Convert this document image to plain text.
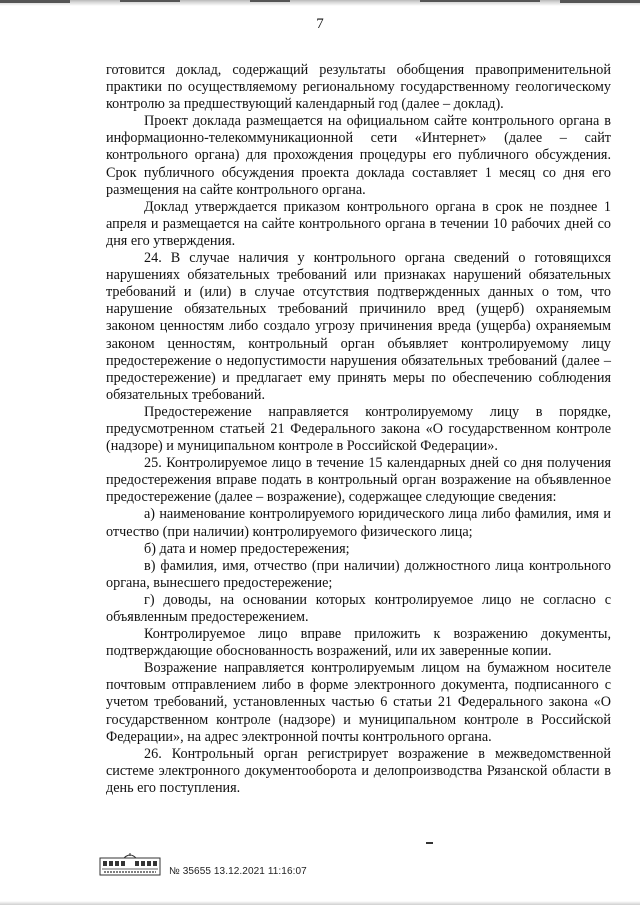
7

готовится доклад, содержащий результаты обобщения правоприменительной практики по осуществляемому региональному государственному геологическому контролю за предшествующий календарный год (далее – доклад).

Проект доклада размещается на официальном сайте контрольного органа в информационно-телекоммуникационной сети «Интернет» (далее – сайт контрольного органа) для прохождения процедуры его публичного обсуждения. Срок публичного обсуждения проекта доклада составляет 1 месяц со дня его размещения на сайте контрольного органа.

Доклад утверждается приказом контрольного органа в срок не позднее 1 апреля и размещается на сайте контрольного органа в течении 10 рабочих дней со дня его утверждения.

24. В случае наличия у контрольного органа сведений о готовящихся нарушениях обязательных требований или признаках нарушений обязательных требований и (или) в случае отсутствия подтвержденных данных о том, что нарушение обязательных требований причинило вред (ущерб) охраняемым законом ценностям либо создало угрозу причинения вреда (ущерба) охраняемым законом ценностям, контрольный орган объявляет контролируемому лицу предостережение о недопустимости нарушения обязательных требований (далее – предостережение) и предлагает ему принять меры по обеспечению соблюдения обязательных требований.

Предостережение направляется контролируемому лицу в порядке, предусмотренном статьей 21 Федерального закона «О государственном контроле (надзоре) и муниципальном контроле в Российской Федерации».

25. Контролируемое лицо в течение 15 календарных дней со дня получения предостережения вправе подать в контрольный орган возражение на объявленное предостережение (далее – возражение), содержащее следующие сведения:

а) наименование контролируемого юридического лица либо фамилия, имя и отчество (при наличии) контролируемого физического лица;

б) дата и номер предостережения;

в) фамилия, имя, отчество (при наличии) должностного лица контрольного органа, вынесшего предостережение;

г) доводы, на основании которых контролируемое лицо не согласно с объявленным предостережением.

Контролируемое лицо вправе приложить к возражению документы, подтверждающие обоснованность возражений, или их заверенные копии.

Возражение направляется контролируемым лицом на бумажном носителе почтовым отправлением либо в форме электронного документа, подписанного с учетом требований, установленных частью 6 статьи 21 Федерального закона «О государственном контроле (надзоре) и муниципальном контроле в Российской Федерации», на адрес электронной почты контрольного органа.

26. Контрольный орган регистрирует возражение в межведомственной системе электронного документооборота и делопроизводства Рязанской области в день его поступления.

№ 35655 13.12.2021 11:16:07
